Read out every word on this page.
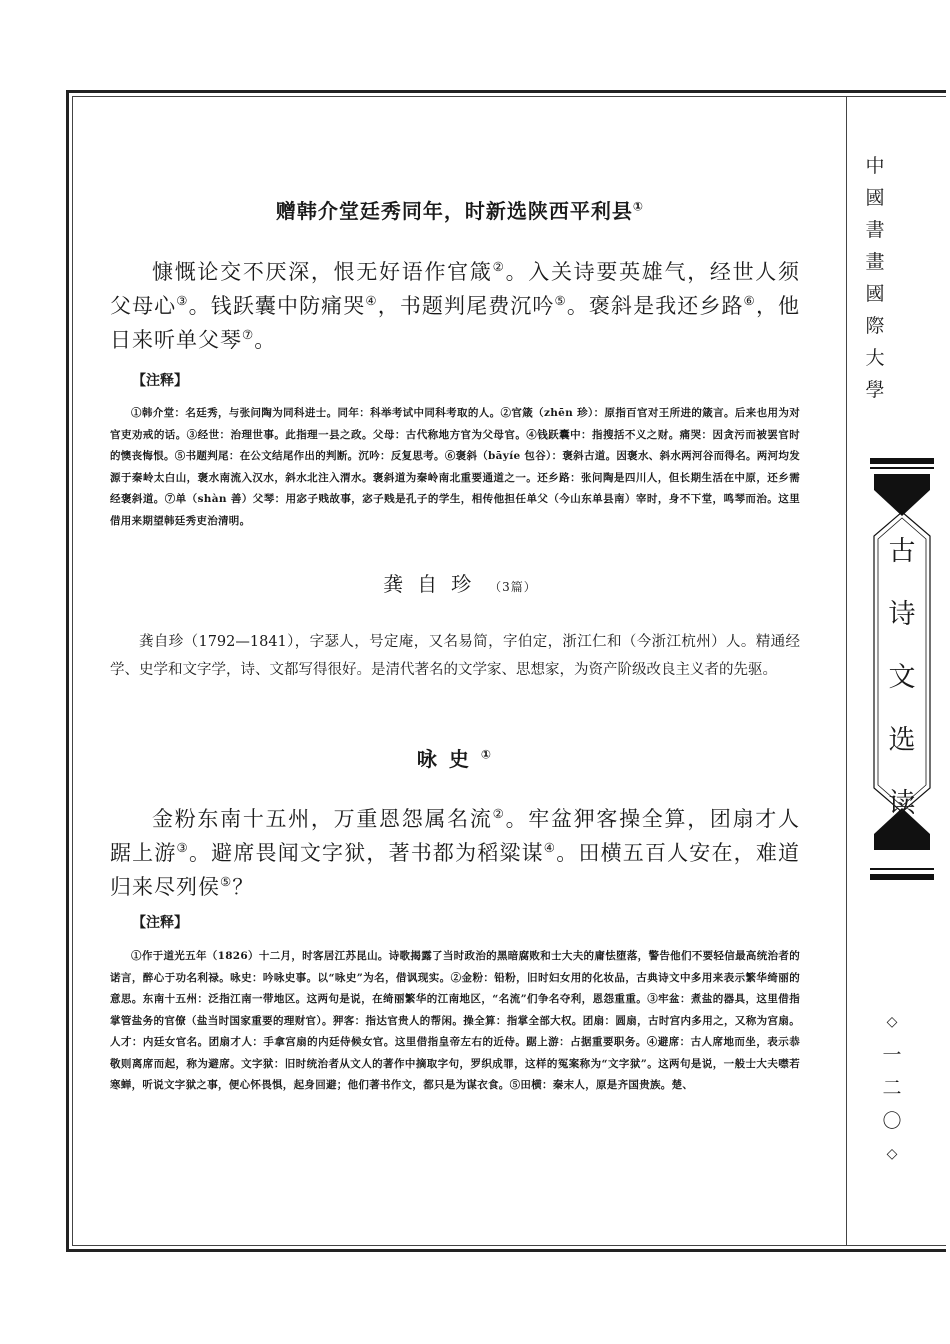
赠韩介堂廷秀同年，时新选陕西平利县①
慷慨论交不厌深，恨无好语作官箴②。入关诗要英雄气，经世人须父母心③。钱跃囊中防痛哭④，书题判尾费沉吟⑤。褒斜是我还乡路⑥，他日来听单父琴⑦。
【注释】
①韩介堂：名廷秀，与张问陶为同科进士。同年：科举考试中同科考取的人。②官箴（zhēn 珍）：原指百官对王所进的箴言。后来也用为对官吏劝戒的话。③经世：治理世事。此指理一县之政。父母：古代称地方官为父母官。④钱跃囊中：指搜括不义之财。痛哭：因贪污而被罢官时的懊丧悔恨。⑤书题判尾：在公文结尾作出的判断。沉吟：反复思考。⑥褒斜（bāyíe 包谷）：褒斜古道。因褒水、斜水两河谷而得名。两河均发源于秦岭太白山，褒水南流入汉水，斜水北注入渭水。褒斜道为秦岭南北重要通道之一。还乡路：张问陶是四川人，但长期生活在中原，还乡需经褒斜道。⑦单（shàn 善）父琴：用宓子贱故事，宓子贱是孔子的学生，相传他担任单父（今山东单县南）宰时，身不下堂，鸣琴而治。这里借用来期望韩廷秀吏治清明。
龚自珍 （3篇）
龚自珍（1792—1841），字瑟人，号定庵，又名易简，字伯定，浙江仁和（今浙江杭州）人。精通经学、史学和文字学，诗、文都写得很好。是清代著名的文学家、思想家，为资产阶级改良主义者的先驱。
咏史①
金粉东南十五州，万重恩怨属名流②。牢盆狎客操全算，团扇才人踞上游③。避席畏闻文字狱，著书都为稻粱谋④。田横五百人安在，难道归来尽列侯⑤？
【注释】
①作于道光五年（1826）十二月，时客居江苏昆山。诗歌揭露了当时政治的黑暗腐败和士大夫的庸怯堕落，警告他们不要轻信最高统治者的诺言，醉心于功名利禄。咏史：吟咏史事。以“咏史”为名，借讽现实。②金粉：铅粉，旧时妇女用的化妆品，古典诗文中多用来表示繁华绮丽的意思。东南十五州：泛指江南一带地区。这两句是说，在绮丽繁华的江南地区，“名流”们争名夺利，恩怨重重。③牢盆：煮盐的器具，这里借指掌管盐务的官僚（盐当时国家重要的理财官）。狎客：指达官贵人的帮闲。操全算：指掌全部大权。团扇：圆扇，古时宫内多用之，又称为宫扇。人才：内廷女官名。团扇才人：手拿宫扇的内廷侍候女官。这里借指皇帝左右的近侍。踞上游：占据重要职务。④避席：古人席地而坐，表示恭敬则离席而起，称为避席。文字狱：旧时统治者从文人的著作中摘取字句，罗织成罪，这样的冤案称为“文字狱”。这两句是说，一般士大夫噤若寒蝉，听说文字狱之事，便心怀畏惧，起身回避；他们著书作文，都只是为谋衣食。⑤田横：秦末人，原是齐国贵族。楚、
中
國
書
畫
國
際
大
學
古
诗
文
选
读
◇
一
二
〇
◇
